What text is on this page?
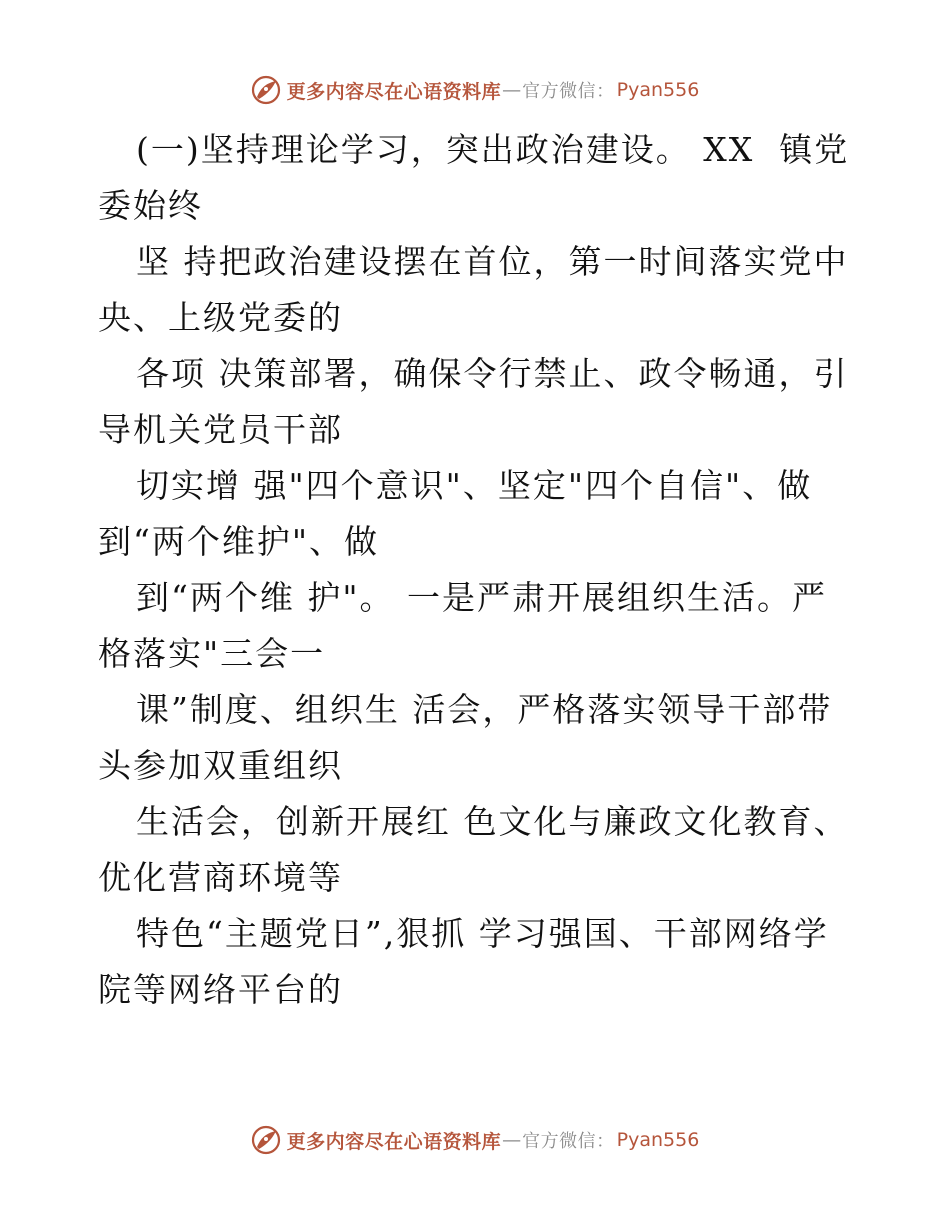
更多内容尽在心语资料库 — 官方微信： Pyan556
(一)坚持理论学习，突出政治建设。 XX  镇党
委始终
坚 持把政治建设摆在首位，第一时间落实党中
央、上级党委的
各项 决策部署，确保令行禁止、政令畅通，引
导机关党员干部
切实增 强"四个意识"、坚定"四个自信"、做
到“两个维护"、做
到“两个维 护"。 一是严肃开展组织生活。严
格落实"三会一
课”制度、组织生 活会，严格落实领导干部带
头参加双重组织
生活会，创新开展红 色文化与廉政文化教育、
优化营商环境等
特色“主题党日”,狠抓 学习强国、干部网络学
院等网络平台的
更多内容尽在心语资料库 — 官方微信： Pyan556
